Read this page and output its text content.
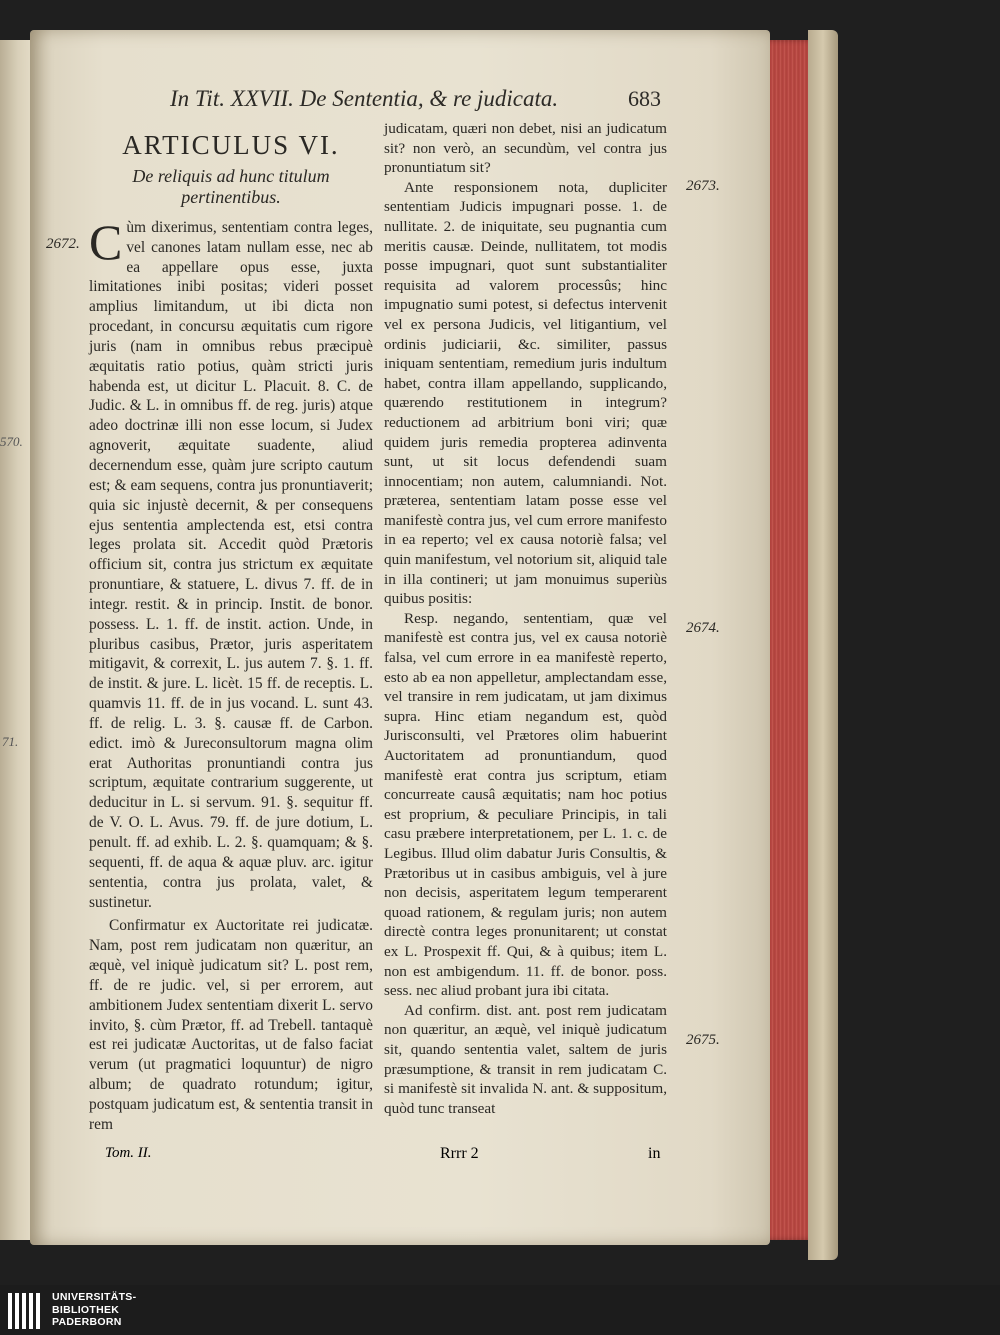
570.
71.
In Tit. XXVII. De Sententia, & re judicata.	683
2672.
2673.
2674.
2675.
ARTICULUS VI.
De reliquis ad hunc titulum pertinentibus.

Cùm dixerimus, sententiam contra leges, vel canones latam nullam esse, nec ab ea appellare opus esse, juxta limitationes inibi positas; videri posset amplius limitandum, ut ibi dicta non procedant, in concursu æquitatis cum rigore juris (nam in omnibus rebus præcipuè æquitatis ratio potius, quàm stricti juris habenda est, ut dicitur L. Placuit. 8. C. de Judic. & L. in omnibus ff. de reg. juris) atque adeo doctrinæ illi non esse locum, si Judex agnoverit, æquitate suadente, aliud decernendum esse, quàm jure scripto cautum est; & eam sequens, contra jus pronuntiaverit; quia sic injustè decernit, & per consequens ejus sententia amplectenda est, etsi contra leges prolata sit. Accedit quòd Prætoris officium sit, contra jus strictum ex æquitate pronuntiare, & statuere, L. divus 7. ff. de in integr. restit. & in princip. Instit. de bonor. possess. L. 1. ff. de instit. action. Unde, in pluribus casibus, Prætor, juris asperitatem mitigavit, & correxit, L. jus autem 7. §. 1. ff. de instit. & jure. L. licèt. 15 ff. de receptis. L. quamvis 11. ff. de in jus vocand. L. sunt 43. ff. de relig. L. 3. §. causæ ff. de Carbon. edict. imò & Jureconsultorum magna olim erat Authoritas pronuntiandi contra jus scriptum, æquitate contrarium suggerente, ut deducitur in L. si servum. 91. §. sequitur ff. de V. O. L. Avus. 79. ff. de jure dotium, L. penult. ff. ad exhib. L. 2. §. quamquam; & §. sequenti, ff. de aqua & aquæ pluv. arc. igitur sententia, contra jus prolata, valet, & sustinetur.

Confirmatur ex Auctoritate rei judicatæ. Nam, post rem judicatam non quæritur, an æquè, vel iniquè judicatum sit? L. post rem, ff. de re judic. vel, si per errorem, aut ambitionem Judex sententiam dixerit L. servo invito, §. cùm Prætor, ff. ad Trebell. tantaquè est rei judicatæ Auctoritas, ut de falso faciat verum (ut pragmatici loquuntur) de nigro album; de quadrato rotundum; igitur, postquam judicatum est, & sententia transit in rem

judicatam, quæri non debet, nisi an judicatum sit? non verò, an secundùm, vel contra jus pronuntiatum sit?

Ante responsionem nota, dupliciter sententiam Judicis impugnari posse. 1. de nullitate. 2. de iniquitate, seu pugnantia cum meritis causæ. Deinde, nullitatem, tot modis posse impugnari, quot sunt substantialiter requisita ad valorem processûs; hinc impugnatio sumi potest, si defectus intervenit vel ex persona Judicis, vel litigantium, vel ordinis judiciarii, &c. similiter, passus iniquam sententiam, remedium juris indultum habet, contra illam appellando, supplicando, quærendo restitutionem in integrum? reductionem ad arbitrium boni viri; quæ quidem juris remedia propterea adinventa sunt, ut sit locus defendendi suam innocentiam; non autem, calumniandi. Not. præterea, sententiam latam posse esse vel manifestè contra jus, vel cum errore manifesto in ea reperto; vel ex causa notoriè falsa; vel quin manifestum, vel notorium sit, aliquid tale in illa contineri; ut jam monuimus superiùs quibus positis:

Resp. negando, sententiam, quæ vel manifestè est contra jus, vel ex causa notoriè falsa, vel cum errore in ea manifestè reperto, esto ab ea non appelletur, amplectandam esse, vel transire in rem judicatam, ut jam diximus supra. Hinc etiam negandum est, quòd Jurisconsulti, vel Prætores olim habuerint Auctoritatem ad pronuntiandum, quod manifestè erat contra jus scriptum, etiam concurreate causâ æquitatis; nam hoc potius est proprium, & peculiare Principis, in tali casu præbere interpretationem, per L. 1. c. de Legibus. Illud olim dabatur Juris Consultis, & Prætoribus ut in casibus ambiguis, vel à jure non decisis, asperitatem legum temperarent quoad rationem, & regulam juris; non autem directè contra leges pronunitarent; ut constat ex L. Prospexit ff. Qui, & à quibus; item L. non est ambigendum. 11. ff. de bonor. poss. sess. nec aliud probant jura ibi citata.

Ad confirm. dist. ant. post rem judicatam non quæritur, an æquè, vel iniquè judicatum sit, quando sententia valet, saltem de juris præsumptione, & transit in rem judicatam C. si manifestè sit invalida N. ant. & suppositum, quòd tunc transeat

Tom. II.	Rrrr 2	in
UNIVERSITÄTS-
BIBLIOTHEK
PADERBORN
